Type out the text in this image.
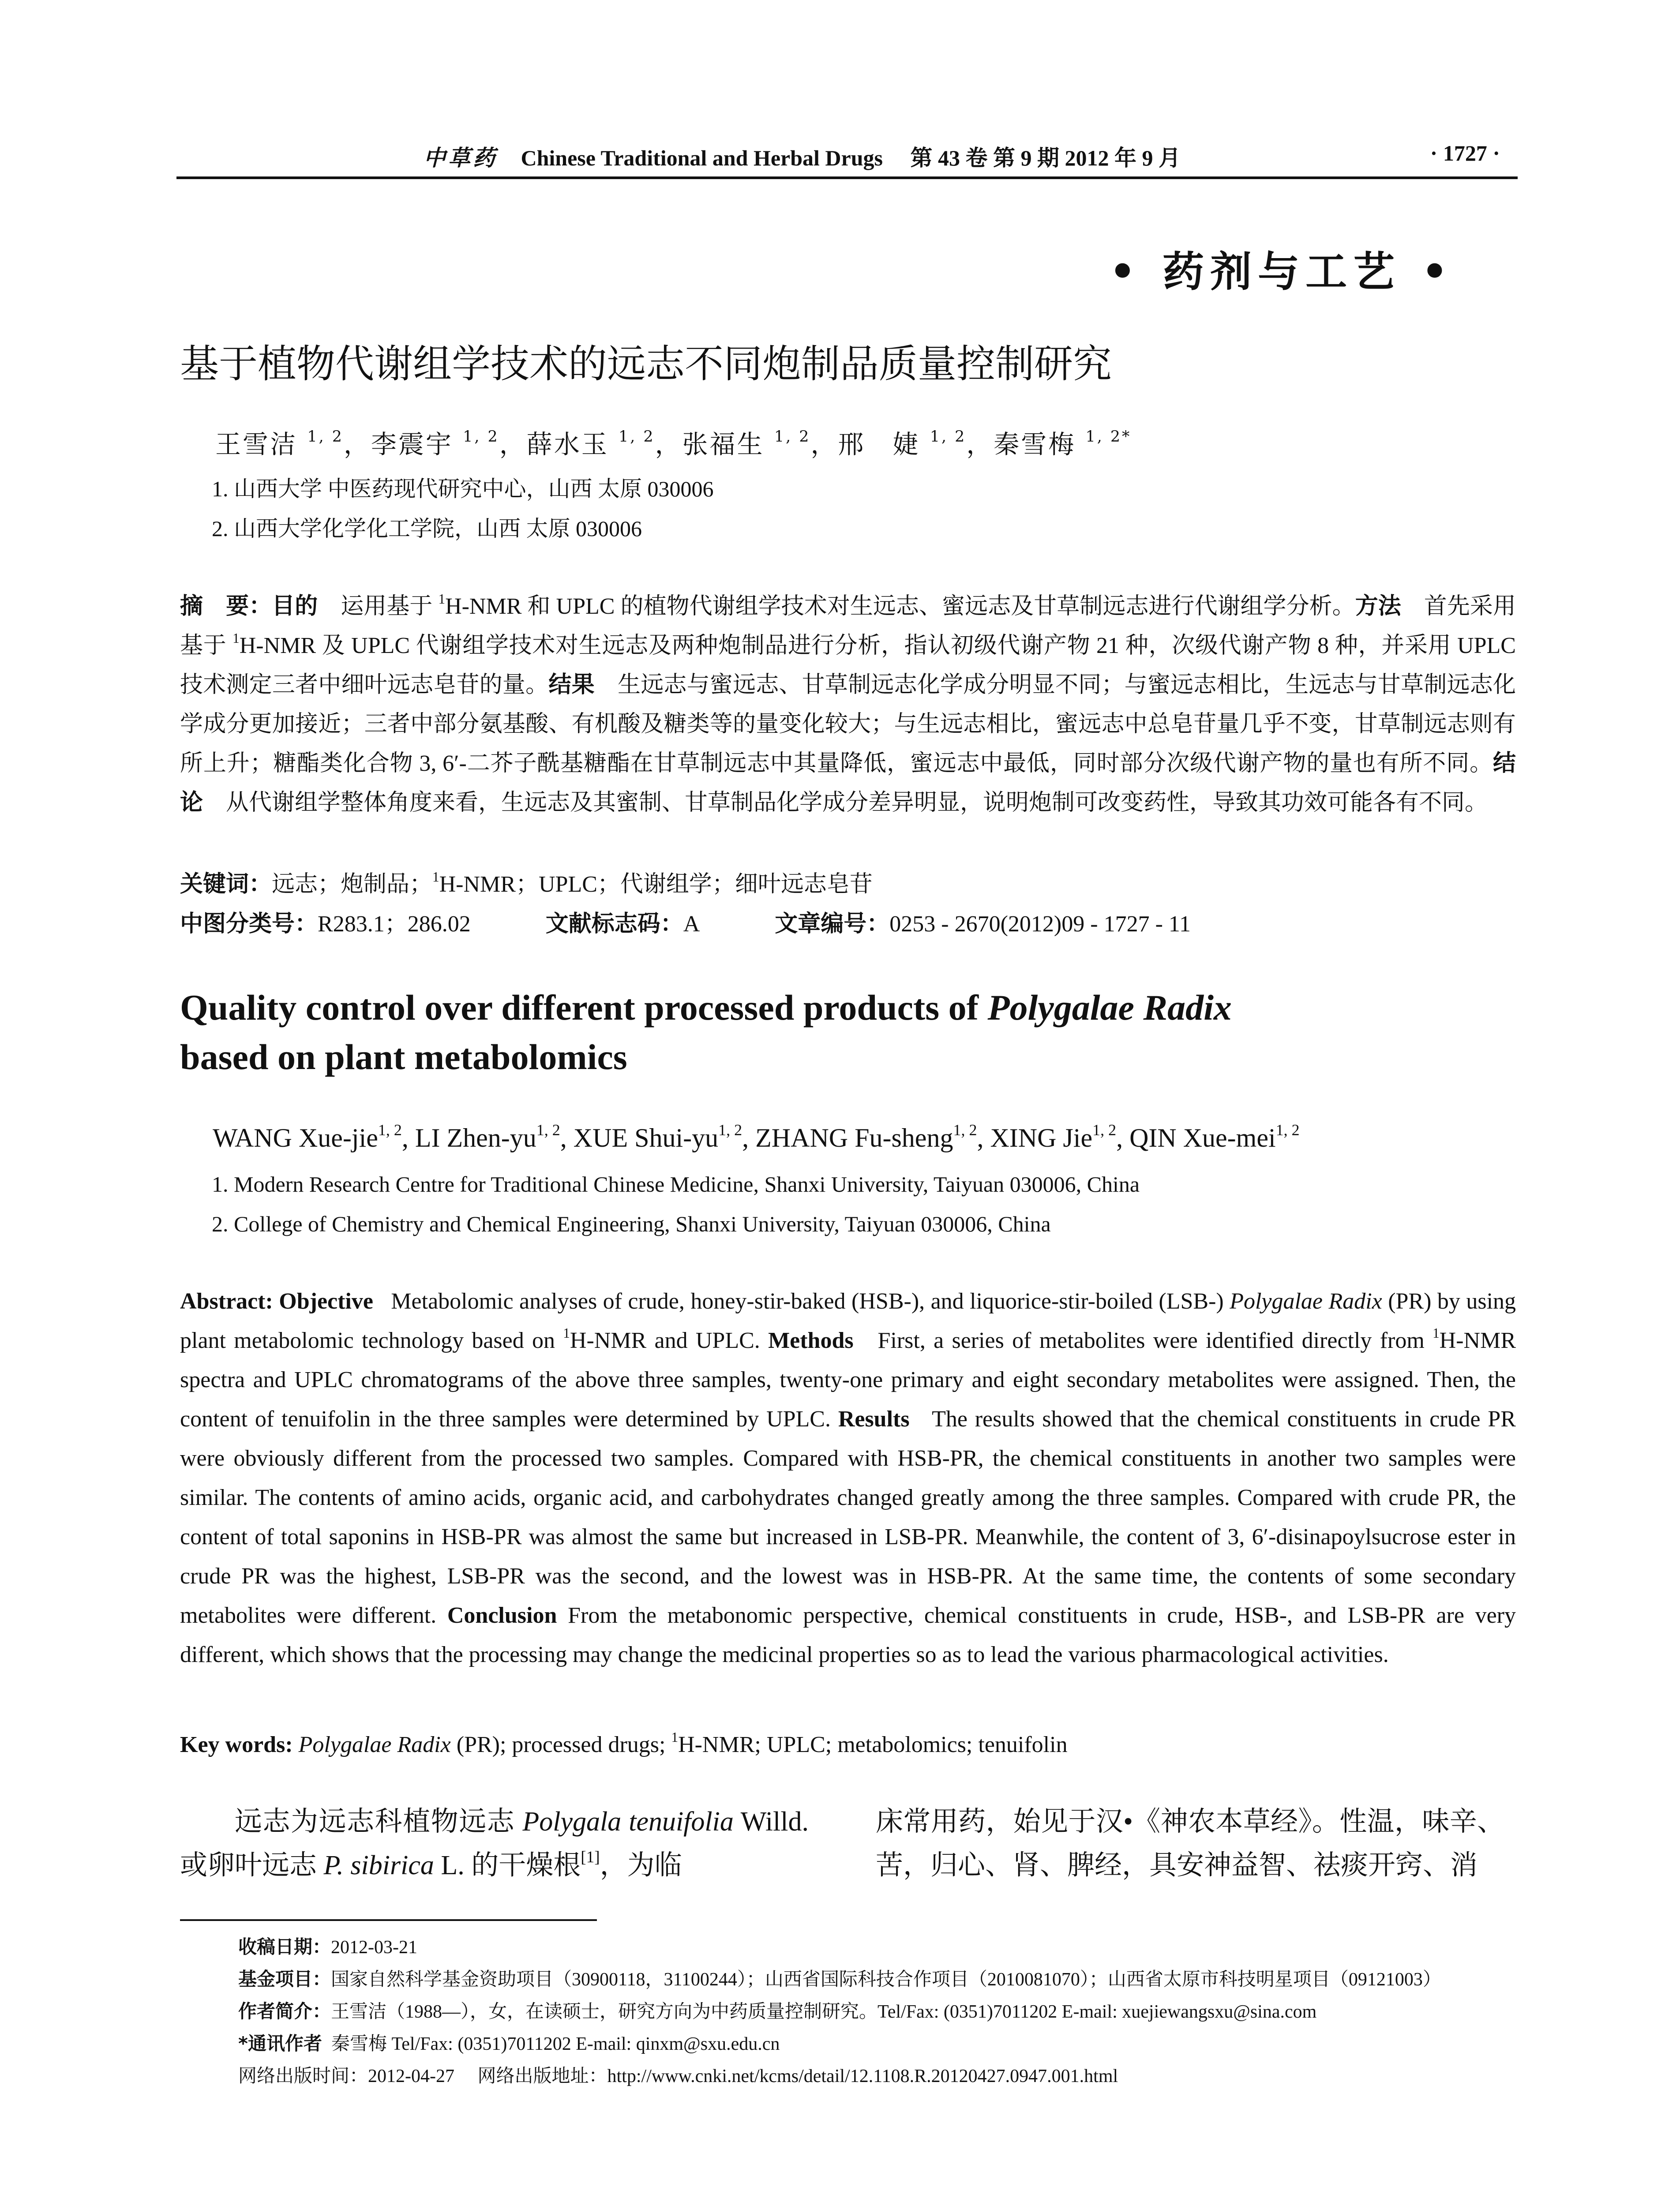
中草药 Chinese Traditional and Herbal Drugs 第 43 卷 第 9 期 2012 年 9 月	· 1727 ·
• 药剂与工艺 •
基于植物代谢组学技术的远志不同炮制品质量控制研究
王雪洁 $^{1, 2}$，李震宇 $^{1, 2}$，薛水玉 $^{1, 2}$，张福生 $^{1, 2}$，邢　婕 $^{1, 2}$，秦雪梅 $^{1, 2*}$
1. 山西大学 中医药现代研究中心，山西 太原 030006
2. 山西大学化学化工学院，山西 太原 030006
摘　要：目的　运用基于 $^1$H-NMR 和 UPLC 的植物代谢组学技术对生远志、蜜远志及甘草制远志进行代谢组学分析。方法　首先采用基于 $^1$H-NMR 及 UPLC 代谢组学技术对生远志及两种炮制品进行分析，指认初级代谢产物 21 种，次级代谢产物 8 种，并采用 UPLC 技术测定三者中细叶远志皂苷的量。结果　 生远志与蜜远志、甘草制远志化学成分明显不同；与蜜远志相比，生远志与甘草制远志化学成分更加接近；三者中部分氨基酸、有机酸及糖类等的量变化较大；与生远志相比，蜜远志中总皂苷量几乎不变，甘草制远志则有所上升；糖酯类化合物 3, 6′-二芥子酰基糖酯在甘草制远志中其量降低，蜜远志中最低，同时部分次级代谢产物的量也有所不同。结论　 从代谢组学整体角度来看，生远志及其蜜制、甘草制品化学成分差异明显，说明炮制可改变药性，导致其功效可能各有不同。
关键词：远志；炮制品；$^1$H-NMR；UPLC；代谢组学；细叶远志皂苷
中图分类号：R283.1；286.02	文献标志码：A	文章编号：0253 - 2670(2012)09 - 1727 - 11
Quality control over different processed products of Polygalae Radix
based on plant metabolomics
WANG Xue-jie$^{1, 2}$, LI Zhen-yu$^{1, 2}$, XUE Shui-yu$^{1, 2}$, ZHANG Fu-sheng$^{1, 2}$, XING Jie$^{1, 2}$, QIN Xue-mei$^{1, 2}$
1. Modern Research Centre for Traditional Chinese Medicine, Shanxi University, Taiyuan 030006, China
2. College of Chemistry and Chemical Engineering, Shanxi University, Taiyuan 030006, China
Abstract: Objective   Metabolomic analyses of crude, honey-stir-baked (HSB-), and liquorice-stir-boiled (LSB-) Polygalae Radix (PR) by using plant metabolomic technology based on $^1$H-NMR and UPLC. Methods   First, a series of metabolites were identified directly from $^1$H-NMR spectra and UPLC chromatograms of the above three samples, twenty-one primary and eight secondary metabolites were assigned. Then, the content of tenuifolin in the three samples were determined by UPLC. Results The results showed that the chemical constituents in crude PR were obviously different from the processed two samples. Compared with HSB-PR, the chemical constituents in another two samples were similar. The contents of amino acids, organic acid, and carbohydrates changed greatly among the three samples. Compared with crude PR, the content of total saponins in HSB-PR was almost the same but increased in LSB-PR. Meanwhile, the content of 3, 6′-disinapoylsucrose ester in crude PR was the highest, LSB-PR was the second, and the lowest was in HSB-PR. At the same time, the contents of some secondary metabolites were different. Conclusion From the metabonomic perspective, chemical constituents in crude, HSB-, and LSB-PR are very different, which shows that the processing may change the medicinal properties so as to lead the various pharmacological activities.
Key words: Polygalae Radix (PR); processed drugs; $^1$H-NMR; UPLC; metabolomics; tenuifolin
远志为远志科植物远志 Polygala tenuifolia Willd. 或卵叶远志 P. sibirica L. 的干燥根[1]，为临
床常用药，始见于汉•《神农本草经》。性温，味辛、苦，归心、肾、脾经，具安神益智、祛痰开窍、消
收稿日期：2012-03-21
基金项目：国家自然科学基金资助项目（30900118，31100244）；山西省国际科技合作项目（2010081070）；山西省太原市科技明星项目（09121003）
作者简介：王雪洁（1988—），女，在读硕士，研究方向为中药质量控制研究。Tel/Fax: (0351)7011202 E-mail: xuejiewangsxu@sina.com
*通讯作者 秦雪梅 Tel/Fax: (0351)7011202 E-mail: qinxm@sxu.edu.cn
网络出版时间：2012-04-27 网络出版地址：http://www.cnki.net/kcms/detail/12.1108.R.20120427.0947.001.html
